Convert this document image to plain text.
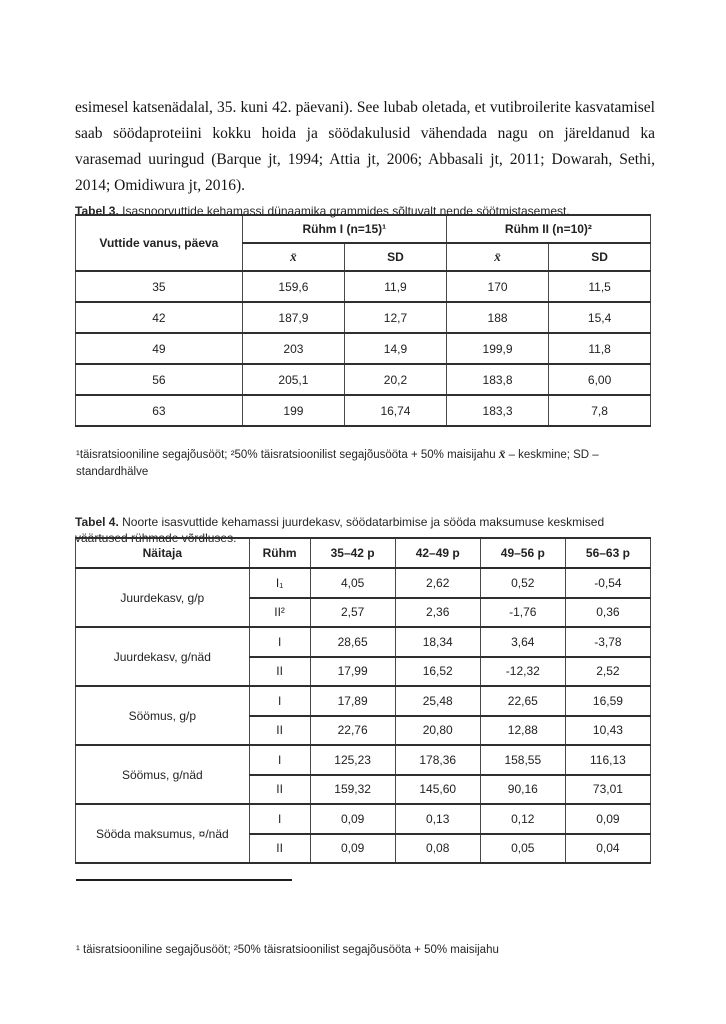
esimesel katsenädalal, 35. kuni 42. päevani). See lubab oletada, et vutibroilerite kasvatamisel saab söödaproteiini kokku hoida ja söödakulusid vähendada nagu on järeldanud ka varasemad uuringud (Barque jt, 1994; Attia jt, 2006; Abbasali jt, 2011; Dowarah, Sethi, 2014; Omidiwura jt, 2016).

Tabel 3. Isasnoorvuttide kehamassi dünaamika grammides sõltuvalt nende söötmistasemest.

Vuttide vanus, päeva	Rühm I (n=15)¹		Rühm II (n=10)²	
	x̄	SD	x̄	SD
35	159,6	11,9	170	11,5
42	187,9	12,7	188	15,4
49	203	14,9	199,9	11,8
56	205,1	20,2	183,8	6,00
63	199	16,74	183,3	7,8

¹täisratsiooniline segajõusööt; ²50% täisratsioonilist segajõusööta + 50% maisijahu x̄ – keskmine; SD – standardhälve

Tabel 4. Noorte isasvuttide kehamassi juurdekasv, söödatarbimise ja sööda maksumuse keskmised väärtused rühmade võrdluses.

Näitaja	Rühm	35–42 p	42–49 p	49–56 p	56–63 p
Juurdekasv, g/p	I₁	4,05	2,62	0,52	-0,54
	II²	2,57	2,36	-1,76	0,36
Juurdekasv, g/näd	I	28,65	18,34	3,64	-3,78
	II	17,99	16,52	-12,32	2,52
Söömus, g/p	I	17,89	25,48	22,65	16,59
	II	22,76	20,80	12,88	10,43
Söömus, g/näd	I	125,23	178,36	158,55	116,13
	II	159,32	145,60	90,16	73,01
Sööda maksumus, ¤/näd	I	0,09	0,13	0,12	0,09
	II	0,09	0,08	0,05	0,04

¹ täisratsiooniline segajõusööt; ²50% täisratsioonilist segajõusööta + 50% maisijahu
